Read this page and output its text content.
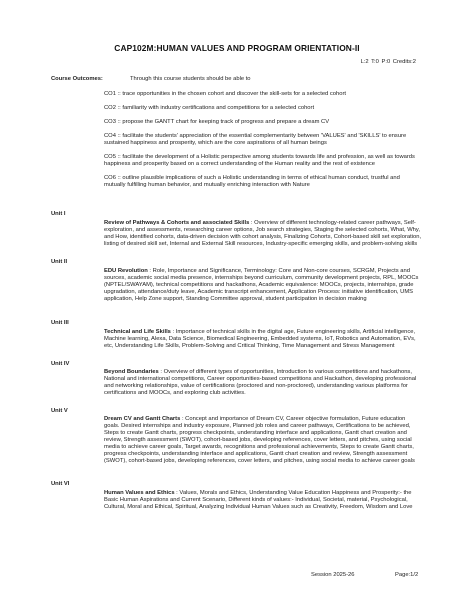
CAP102M:HUMAN VALUES AND PROGRAM ORIENTATION-II
L:2 T:0 P:0 Credits:2
Course Outcomes:	Through this course students should be able to
CO1 :: trace opportunities in the chosen cohort and discover the skill-sets for a selected cohort
CO2 :: familiarity with industry certifications and competitions for a selected cohort
CO3 :: propose the GANTT chart for keeping track of progress and prepare a dream CV
CO4 :: facilitate the students' appreciation of the essential complementarity between 'VALUES' and 'SKILLS' to ensure sustained happiness and prosperity, which are the core aspirations of all human beings
CO5 :: facilitate the development of a Holistic perspective among students towards life and profession, as well as towards happiness and prosperity based on a correct understanding of the Human reality and the rest of existence
CO6 :: outline plausible implications of such a Holistic understanding in terms of ethical human conduct, trustful and mutually fulfilling human behavior, and mutually enriching interaction with Nature
Unit I
Review of Pathways & Cohorts and associated Skills : Overview of different technology-related career pathways, Self-exploration, and assessments, researching career options, Job search strategies, Staging the selected cohorts, What, Why, and How, identified cohorts, data-driven decision with cohort analysis, Finalizing Cohorts, Cohort-based skill set exploration, listing of desired skill set, Internal and External Skill resources, Industry-specific emerging skills, and problem-solving skills
Unit II
EDU Revolution : Role, Importance and Significance, Terminology: Core and Non-core courses, SCRGM, Projects and sources, academic social media presence, internships beyond curriculum, community development projects, RPL, MOOCs (NPTEL/SWAYAM), technical competitions and hackathons, Academic equivalence: MOOCs, projects, internships, grade upgradation, attendance/duty leave, Academic transcript enhancement, Application Process: initiative identification, UMS application, Help Zone support, Standing Committee approval, student participation in decision making
Unit III
Technical and Life Skills : Importance of technical skills in the digital age, Future engineering skills, Artificial intelligence, Machine learning, Alexa, Data Science, Biomedical Engineering, Embedded systems, IoT, Robotics and Automation, EVs, etc, Understanding Life Skills, Problem-Solving and Critical Thinking, Time Management and Stress Management
Unit IV
Beyond Boundaries : Overview of different types of opportunities, Introduction to various competitions and hackathons, National and international competitions, Career opportunities-based competitions and Hackathon, developing professional and networking relationships, value of certifications (proctored and non-proctored), understanding various platforms for certifications and MOOCs, and exploring club activities.
Unit V
Dream CV and Gantt Charts : Concept and importance of Dream CV, Career objective formulation, Future education goals. Desired internships and industry exposure, Planned job roles and career pathways, Certifications to be achieved, Steps to create Gantt charts, progress checkpoints, understanding interface and applications, Gantt chart creation and review, Strength assessment (SWOT), cohort-based jobs, developing references, cover letters, and pitches, using social media to achieve career goals, Target awards, recognitions and professional achievements, Steps to create Gantt charts, progress checkpoints, understanding interface and applications, Gantt chart creation and review, Strength assessment (SWOT), cohort-based jobs, developing references, cover letters, and pitches, using social media to achieve career goals
Unit VI
Human Values and Ethics : Values, Morals and Ethics, Understanding Value Education Happiness and Prosperity:- the Basic Human Aspirations and Current Scenario, Different kinds of values:- Individual, Societal, material, Psychological, Cultural, Moral and Ethical, Spiritual, Analyzing Individual Human Values such as Creativity, Freedom, Wisdom and Love
Session 2025-26	Page:1/2
